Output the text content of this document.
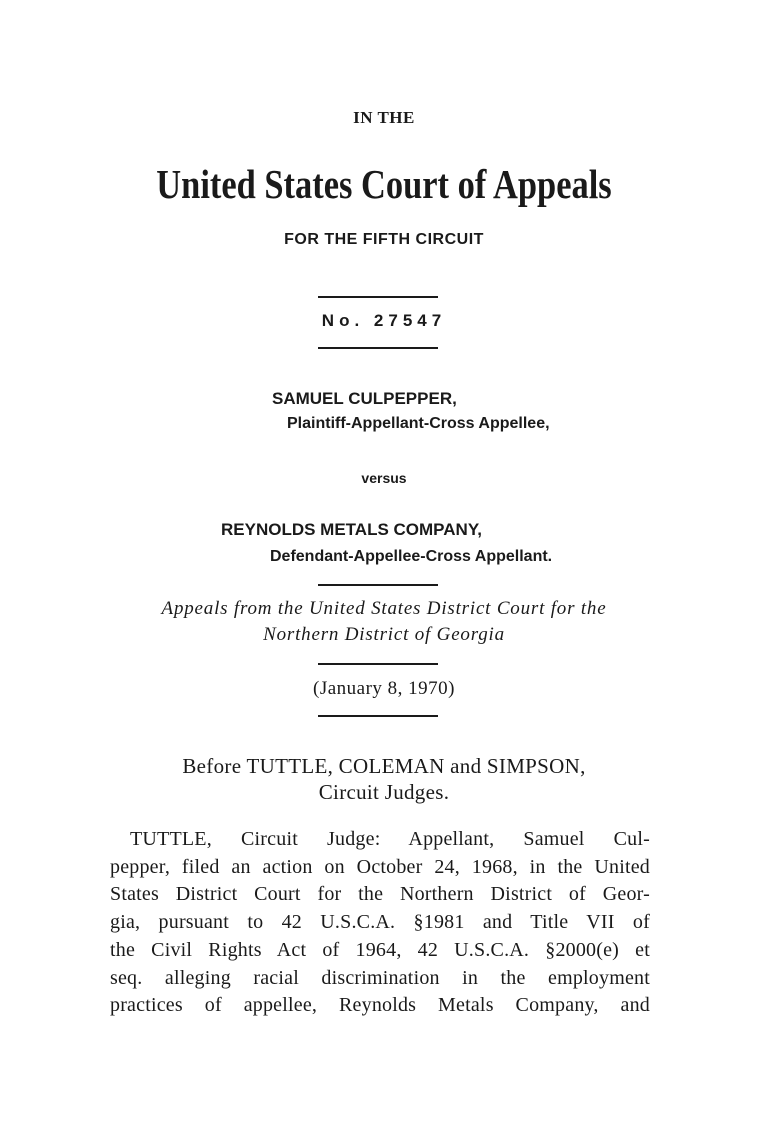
IN THE
United States Court of Appeals
FOR THE FIFTH CIRCUIT
No. 27547
SAMUEL CULPEPPER,
Plaintiff-Appellant-Cross Appellee,
versus
REYNOLDS METALS COMPANY,
Defendant-Appellee-Cross Appellant.
Appeals from the United States District Court for the
Northern District of Georgia
(January 8, 1970)
Before TUTTLE, COLEMAN and SIMPSON,
Circuit Judges.
TUTTLE, Circuit Judge: Appellant, Samuel Cul-
pepper, filed an action on October 24, 1968, in the United
States District Court for the Northern District of Geor-
gia, pursuant to 42 U.S.C.A. §1981 and Title VII of
the Civil Rights Act of 1964, 42 U.S.C.A. §2000(e) et
seq. alleging racial discrimination in the employment
practices of appellee, Reynolds Metals Company, and
